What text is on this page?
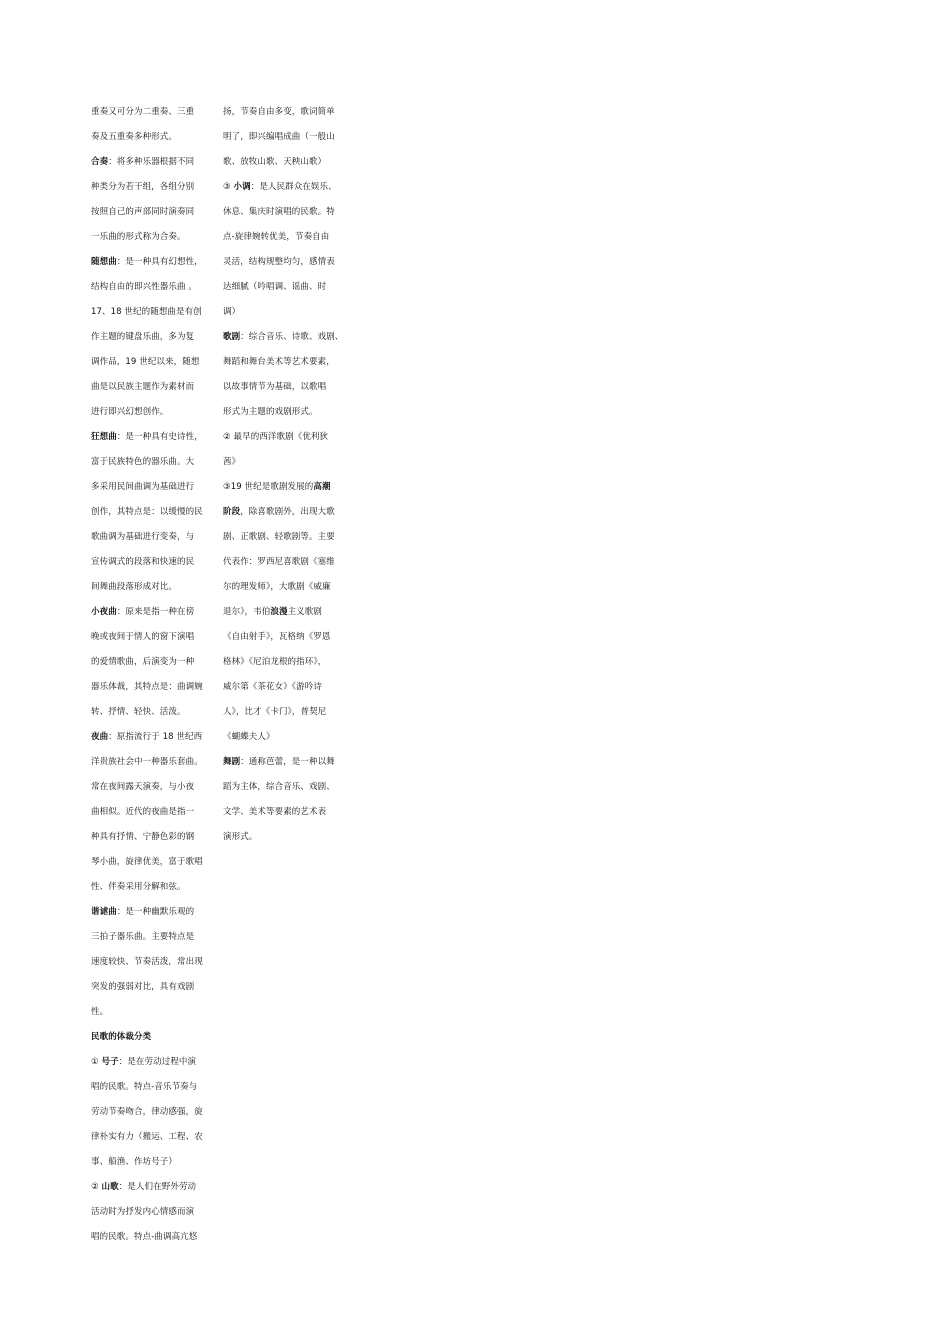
重奏又可分为二重奏、三重
奏及五重奏多种形式。
合奏：将多种乐器根据不同
种类分为若干组，各组分别
按照自己的声部同时演奏同
一乐曲的形式称为合奏。
随想曲：是一种具有幻想性，
结构自由的即兴性器乐曲 。
17、18 世纪的随想曲是有创
作主题的键盘乐曲，多为复
调作品，19 世纪以来，随想
曲是以民族主题作为素材而
进行即兴幻想创作。
狂想曲：是一种具有史诗性，
富于民族特色的器乐曲。大
多采用民间曲调为基础进行
创作，其特点是：以缓慢的民
歌曲调为基础进行变奏，与
宣传调式的段落和快速的民
间舞曲段落形成对比。
小夜曲：原来是指一种在傍
晚或夜间于情人的窗下演唱
的爱情歌曲，后演变为一种
器乐体裁，其特点是：曲调婉
转、抒情、轻快、活泼。
夜曲：原指流行于 18 世纪西
洋贵族社会中一种器乐套曲。
常在夜间露天演奏，与小夜
曲相似。近代的夜曲是指一
种具有抒情、宁静色彩的钢
琴小曲，旋律优美，富于歌唱
性、伴奏采用分解和弦。
谐谑曲：是一种幽默乐观的
三拍子器乐曲。主要特点是
速度较快、节奏活泼，常出现
突发的强弱对比，具有戏剧
性。
民歌的体裁分类
① 号子：是在劳动过程中演
唱的民歌。特点-音乐节奏与
劳动节奏吻合，律动感强，旋
律朴实有力（搬运、工程、农
事、船渔、作坊号子）
② 山歌：是人们在野外劳动
活动时为抒发内心情感而演
唱的民歌。特点-曲调高亢悠
扬，节奏自由多变，歌词简单
明了，即兴编唱成曲（一般山
歌、放牧山歌、天秧山歌）
③ 小调：是人民群众在娱乐、
休息、集庆时演唱的民歌。特
点-旋律婉转优美，节奏自由
灵活，结构规整均匀，感情表
达细腻（吟唱调、谣曲、时
调）
歌剧：综合音乐、诗歌、戏剧、
舞蹈和舞台美术等艺术要素，
以故事情节为基础，以歌唱
形式为主题的戏剧形式。
② 最早的西洋歌剧《优利狄
茜》
③19 世纪是歌剧发展的高潮
阶段，除喜歌剧外，出现大歌
剧、正歌剧、轻歌剧等。主要
代表作：罗西尼喜歌剧《塞维
尔的理发师》，大歌剧《威廉
退尔》，韦伯浪漫主义歌剧
《自由射手》，瓦格纳《罗恩
格林》《尼泊龙根的指环》，
威尔第《茶花女》《游吟诗
人》，比才《卡门》，普契尼
《蝴蝶夫人》
舞剧：通称芭蕾，是一种以舞
蹈为主体，综合音乐、戏剧、
文学、美术等要素的艺术表
演形式。
